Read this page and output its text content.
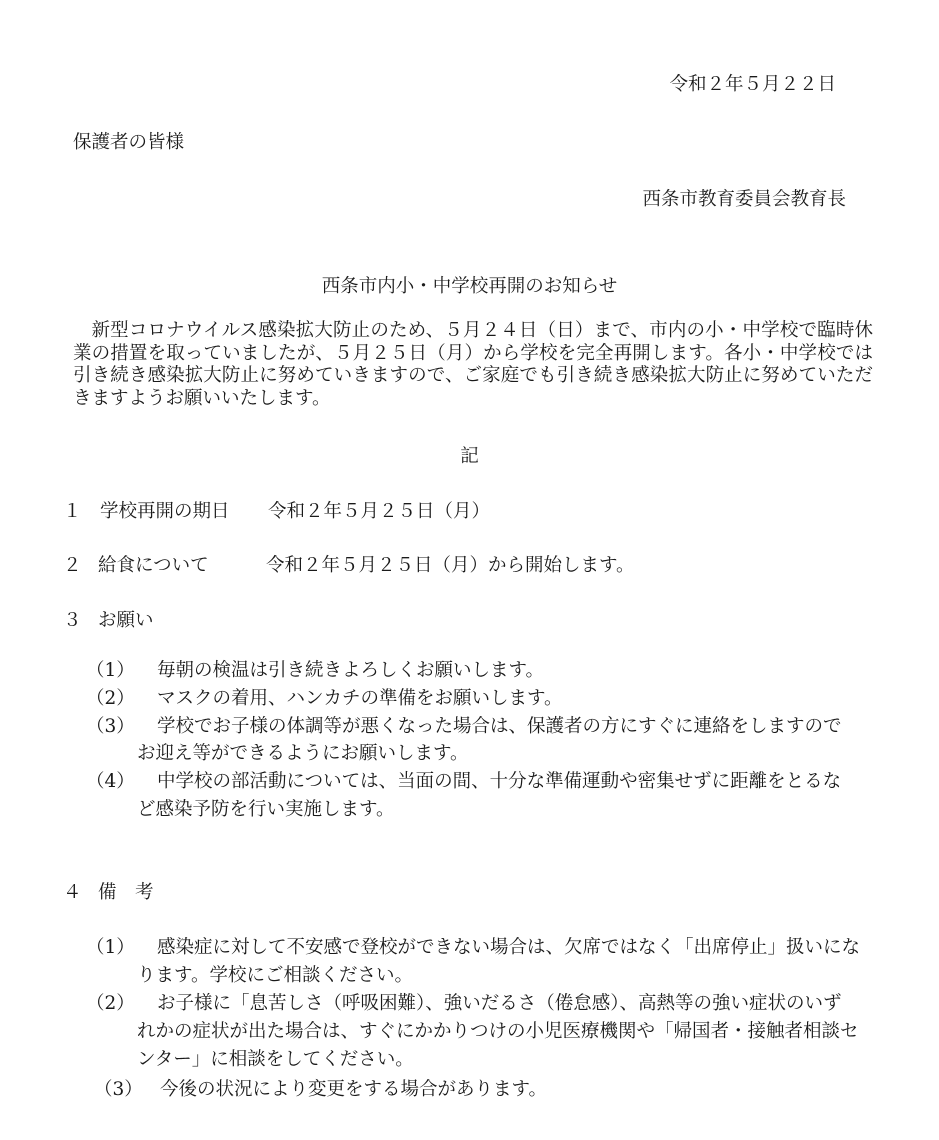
令和２年５月２２日
保護者の皆様
西条市教育委員会教育長
西条市内小・中学校再開のお知らせ
新型コロナウイルス感染拡大防止のため、５月２４日（日）まで、市内の小・中学校で臨時休業の措置を取っていましたが、５月２５日（月）から学校を完全再開します。各小・中学校では引き続き感染拡大防止に努めていきますので、ご家庭でも引き続き感染拡大防止に努めていただきますようお願いいたします。
記
１ 学校再開の期日 令和２年５月２５日（月）
２ 給食について	令和２年５月２５日（月）から開始します。
３ お願い
（1） 毎朝の検温は引き続きよろしくお願いします。
（2） マスクの着用、ハンカチの準備をお願いします。
（3） 学校でお子様の体調等が悪くなった場合は、保護者の方にすぐに連絡をしますので
お迎え等ができるようにお願いします。
（4） 中学校の部活動については、当面の間、十分な準備運動や密集せずに距離をとるな
ど感染予防を行い実施します。
４ 備　考
（1） 感染症に対して不安感で登校ができない場合は、欠席ではなく「出席停止」扱いにな
ります。学校にご相談ください。
（2） お子様に「息苦しさ（呼吸困難）、強いだるさ（倦怠感）、高熱等の強い症状のいず
れかの症状が出た場合は、すぐにかかりつけの小児医療機関や「帰国者・接触者相談セ
ンター」に相談をしてください。
（3） 今後の状況により変更をする場合があります。
